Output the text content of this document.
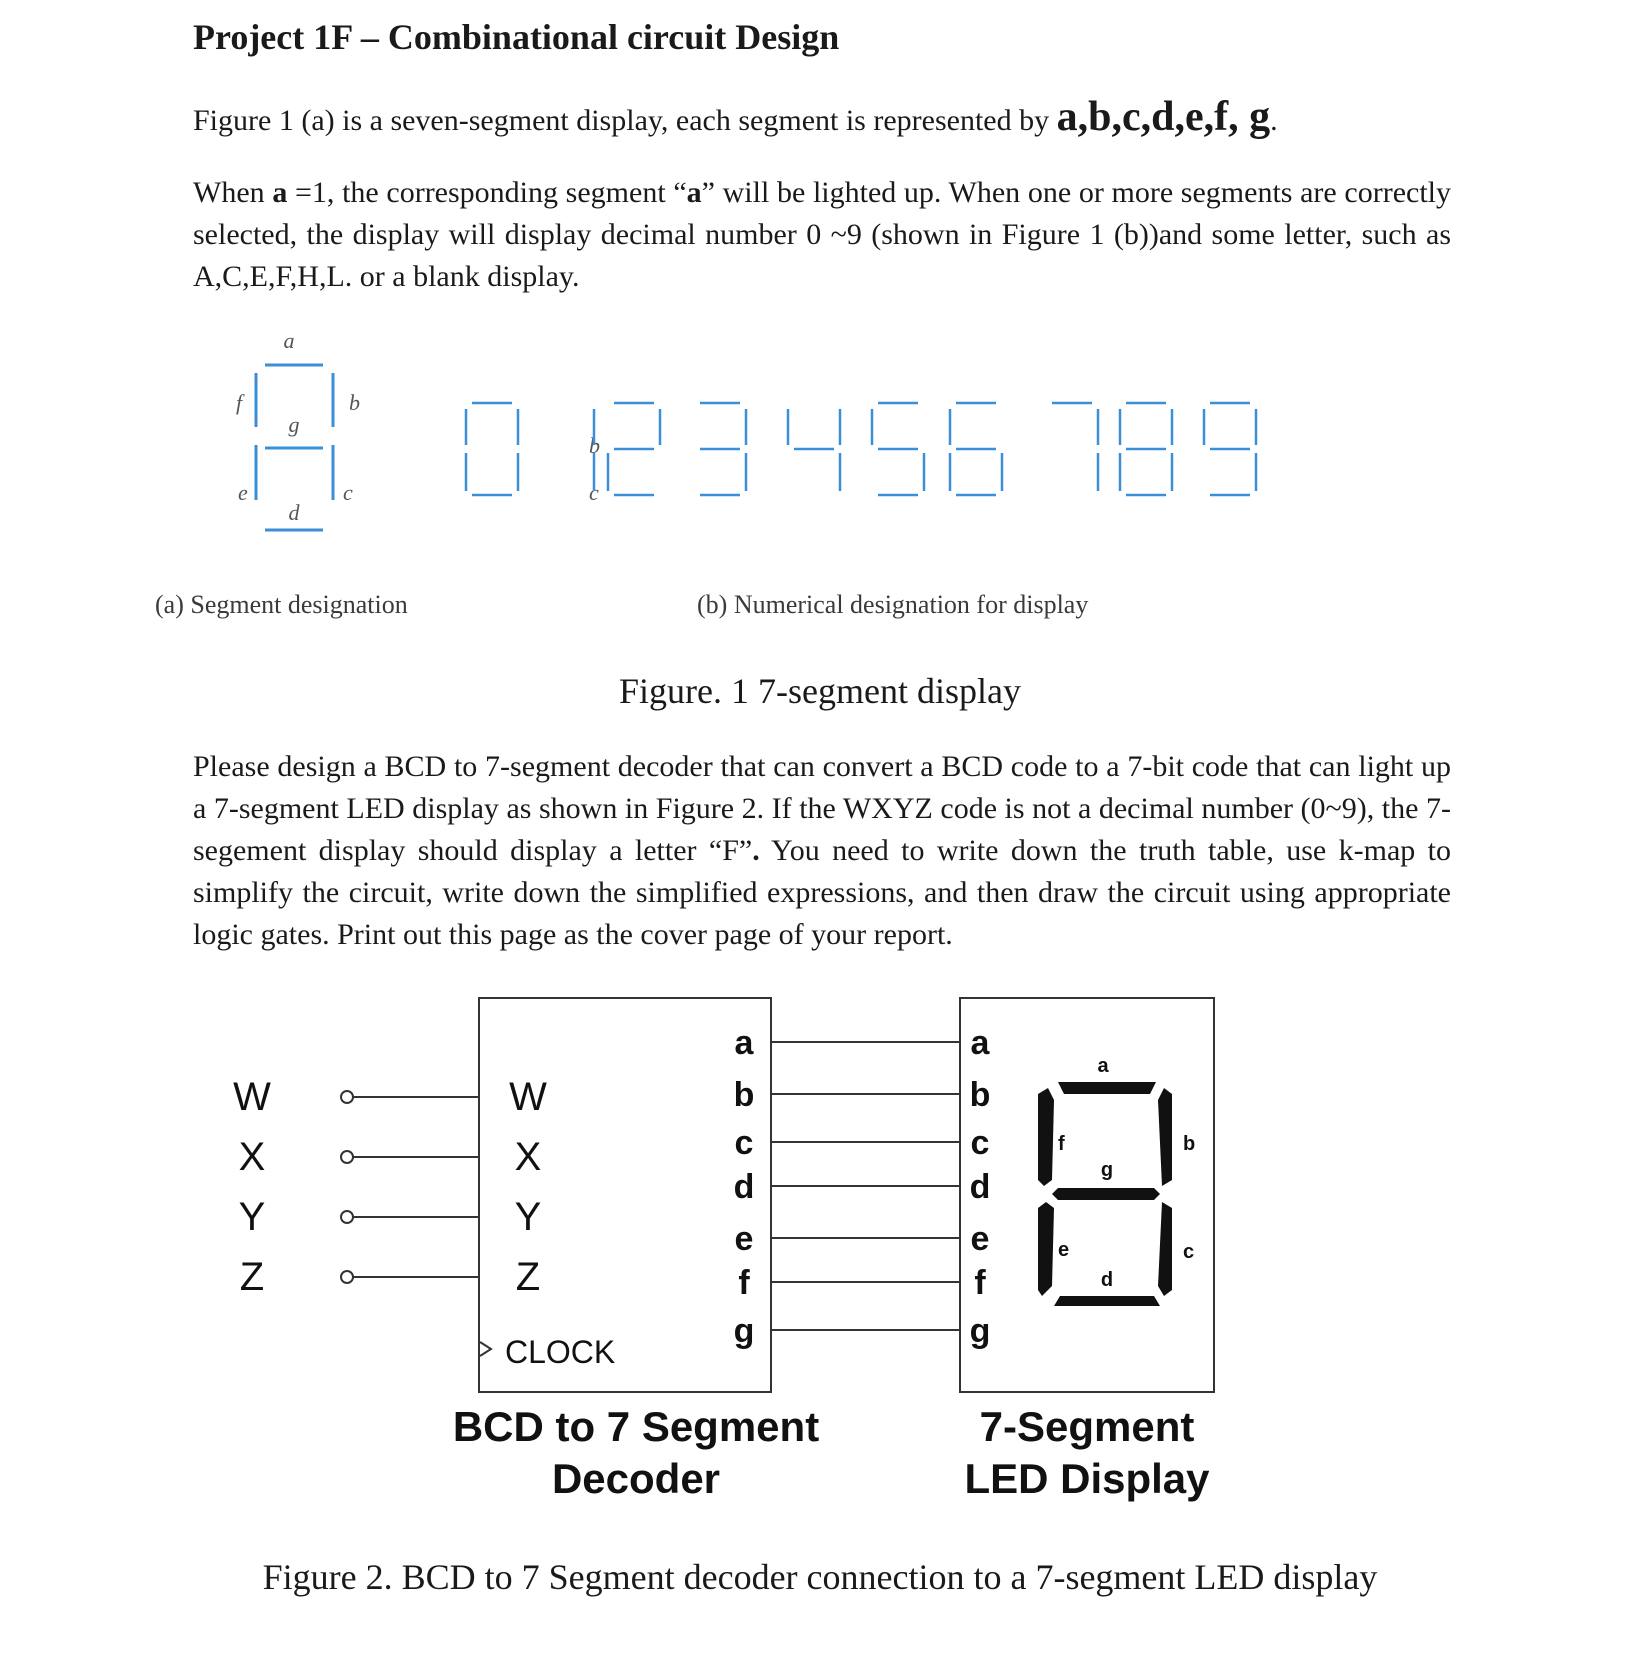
Project 1F – Combinational circuit Design
Figure 1 (a) is a seven-segment display, each segment is represented by a,b,c,d,e,f, g.
When a =1, the corresponding segment “a” will be lighted up. When one or more segments are correctly selected, the display will display decimal number 0 ~9 (shown in Figure 1 (b))and some letter, such as A,C,E,F,H,L. or a blank display.
a
b
c
d
e
f
g
b
c
(a) Segment designation	(b) Numerical designation for display
Figure. 1 7-segment display
Please design a BCD to 7-segment decoder that can convert a BCD code to a 7-bit code that can light up a 7-segment LED display as shown in Figure 2. If the WXYZ code is not a decimal number (0~9), the 7-segement display should display a letter “F”. You need to write down the truth table, use k-map to simplify the circuit, write down the simplified expressions, and then draw the circuit using appropriate logic gates. Print out this page as the cover page of your report.
W
X
Y
Z
W
X
Y
Z
CLOCK
a
b
c
d
e
f
g
a
b
c
d
e
f
g
a
b
c
d
e
f
g
BCD to 7 Segment
Decoder
7-Segment
LED Display
Figure 2. BCD to 7 Segment decoder connection to a 7-segment LED display
